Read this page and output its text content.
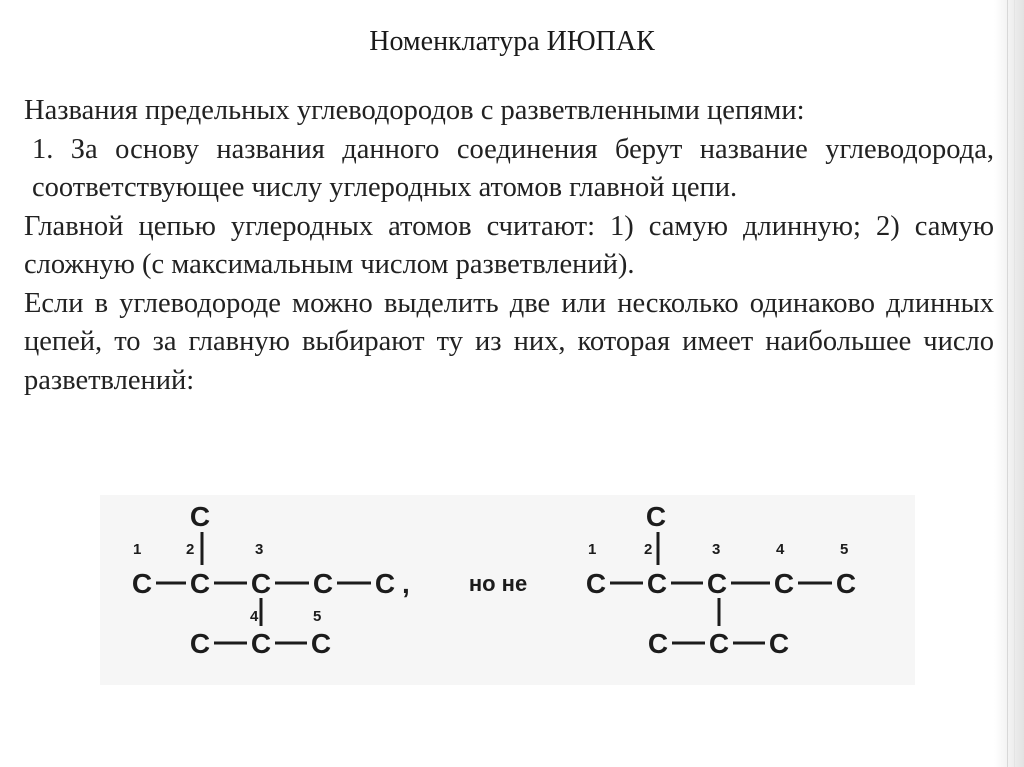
Номенклатура ИЮПАК

Названия предельных углеводородов с разветвленными цепями:

1. За основу названия данного соединения берут название углеводорода, соответствующее числу углеродных атомов главной цепи.

Главной цепью углеродных атомов считают: 1) самую длинную; 2) самую сложную (с максимальным числом разветвлений).

Если в углеводороде можно выделить две или несколько одинаково длинных цепей, то за главную выбирают ту из них, которая имеет наибольшее число разветвлений:

C
C C C C C ,
C C C
1	2	3
4	5
но не
C
C C C C C
C C C
1	2	3	4	5
